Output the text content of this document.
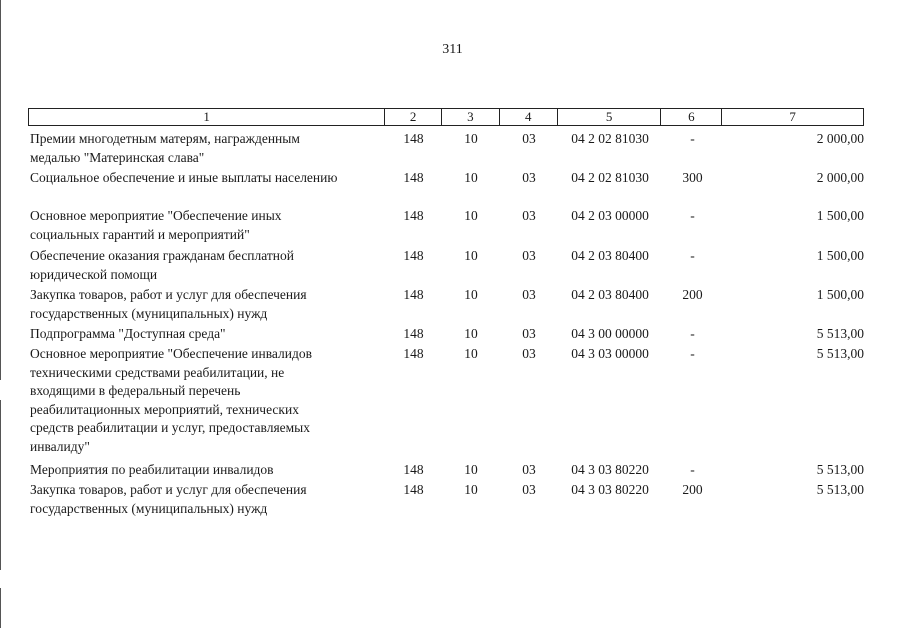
311
1	2	3	4	5	6	7
Премии многодетным матерям, награжденным
медалью "Материнская слава"
148	10	03	04 2 02 81030	-	2 000,00
Социальное обеспечение и иные выплаты населению	148	10	03	04 2 02 81030	300	2 000,00
Основное мероприятие "Обеспечение иных
социальных гарантий и мероприятий"
148	10	03	04 2 03 00000	-	1 500,00
Обеспечение оказания гражданам бесплатной
юридической помощи
148	10	03	04 2 03 80400	-	1 500,00
Закупка товаров, работ и услуг для обеспечения
государственных (муниципальных) нужд
148	10	03	04 2 03 80400	200	1 500,00
Подпрограмма "Доступная среда"	148	10	03	04 3 00 00000	-	5 513,00
Основное мероприятие "Обеспечение инвалидов
техническими средствами реабилитации, не
входящими в федеральный перечень
реабилитационных мероприятий, технических
средств реабилитации и услуг, предоставляемых
инвалиду"
148	10	03	04 3 03 00000	-	5 513,00
Мероприятия по реабилитации инвалидов	148	10	03	04 3 03 80220	-	5 513,00
Закупка товаров, работ и услуг для обеспечения
государственных (муниципальных) нужд
148	10	03	04 3 03 80220	200	5 513,00
